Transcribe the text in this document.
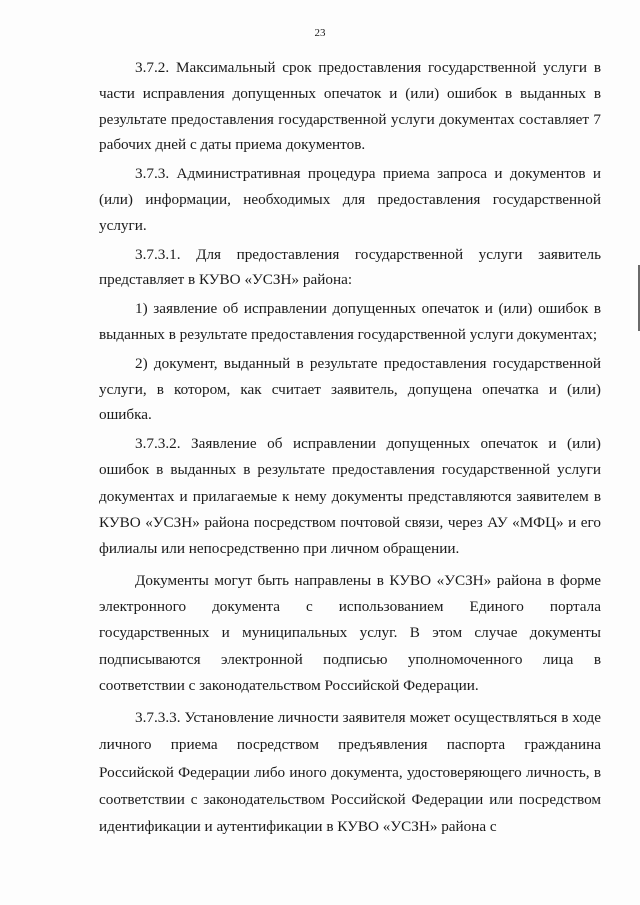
23

3.7.2. Максимальный срок предоставления государственной услуги в части исправления допущенных опечаток и (или) ошибок в выданных в результате предоставления государственной услуги документах составляет 7 рабочих дней с даты приема документов.

3.7.3. Административная процедура приема запроса и документов и (или) информации, необходимых для предоставления государственной услуги.

3.7.3.1. Для предоставления государственной услуги заявитель представляет в КУВО «УСЗН» района:

1) заявление об исправлении допущенных опечаток и (или) ошибок в выданных в результате предоставления государственной услуги документах;

2) документ, выданный в результате предоставления государственной услуги, в котором, как считает заявитель, допущена опечатка и (или) ошибка.

3.7.3.2. Заявление об исправлении допущенных опечаток и (или) ошибок в выданных в результате предоставления государственной услуги документах и прилагаемые к нему документы представляются заявителем в КУВО «УСЗН» района посредством почтовой связи, через АУ «МФЦ» и его филиалы или непосредственно при личном обращении.

Документы могут быть направлены в КУВО «УСЗН» района в форме электронного документа с использованием Единого портала государственных и муниципальных услуг. В этом случае документы подписываются электронной подписью уполномоченного лица в соответствии с законодательством Российской Федерации.

3.7.3.3. Установление личности заявителя может осуществляться в ходе личного приема посредством предъявления паспорта гражданина Российской Федерации либо иного документа, удостоверяющего личность, в соответствии с законодательством Российской Федерации или посредством идентификации и аутентификации в КУВО «УСЗН» района с
